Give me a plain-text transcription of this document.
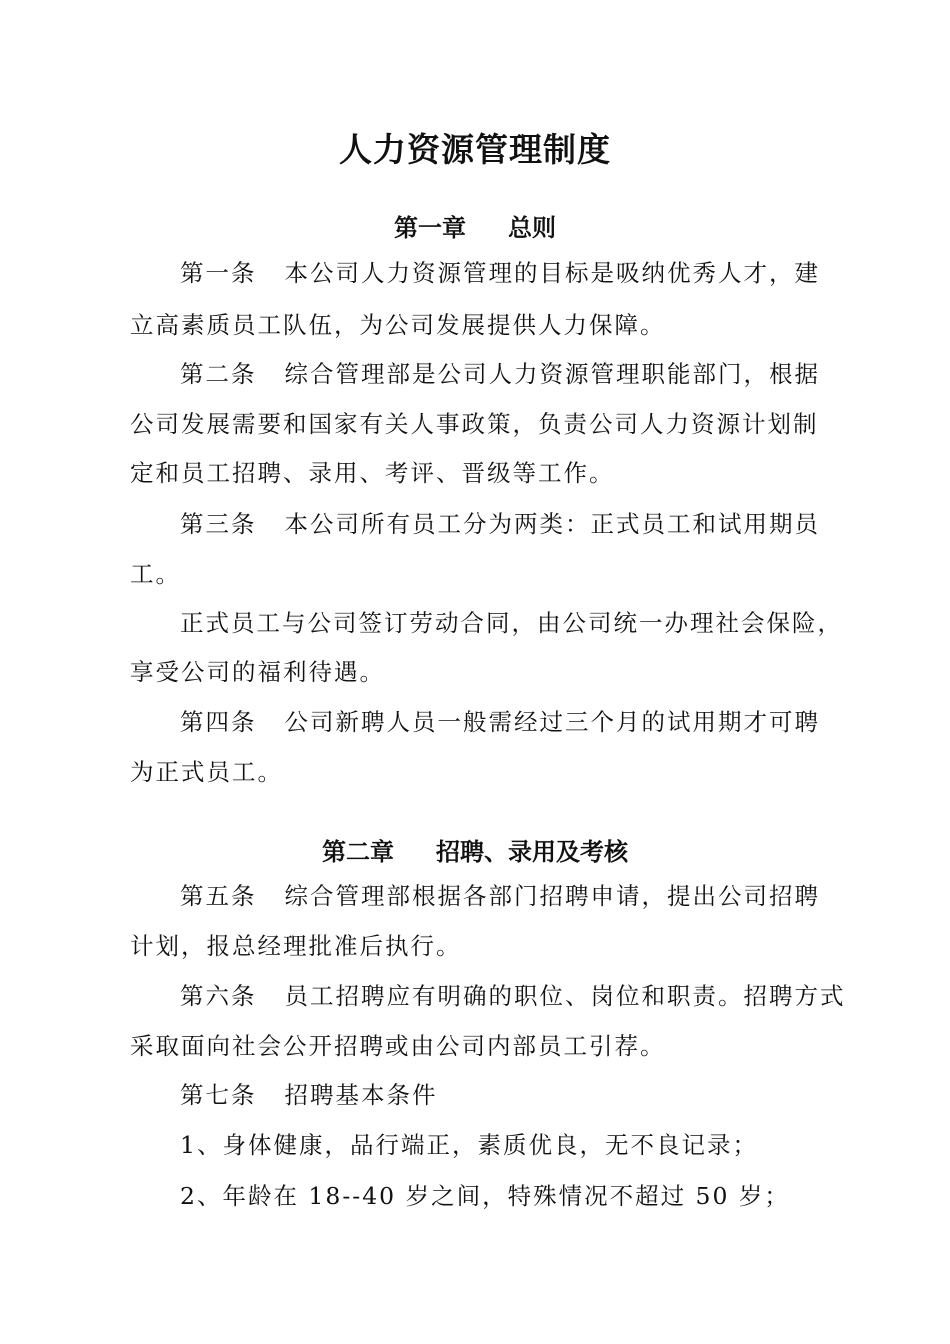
人力资源管理制度
第一章 总则
第一条 本公司人力资源管理的目标是吸纳优秀人才，建
立高素质员工队伍，为公司发展提供人力保障。
第二条 综合管理部是公司人力资源管理职能部门，根据
公司发展需要和国家有关人事政策，负责公司人力资源计划制
定和员工招聘、录用、考评、晋级等工作。
第三条 本公司所有员工分为两类：正式员工和试用期员
工。
正式员工与公司签订劳动合同，由公司统一办理社会保险，
享受公司的福利待遇。
第四条 公司新聘人员一般需经过三个月的试用期才可聘
为正式员工。
第二章 招聘、录用及考核
第五条 综合管理部根据各部门招聘申请，提出公司招聘
计划，报总经理批准后执行。
第六条 员工招聘应有明确的职位、岗位和职责。招聘方式
采取面向社会公开招聘或由公司内部员工引荐。
第七条 招聘基本条件
1、身体健康，品行端正，素质优良，无不良记录；
2、年龄在 18--40 岁之间，特殊情况不超过 50 岁；
